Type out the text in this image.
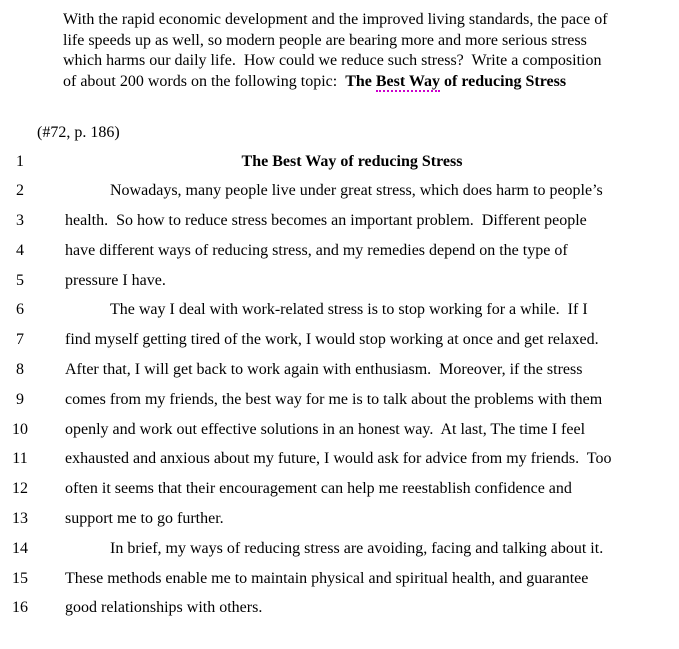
With the rapid economic development and the improved living standards, the pace of
life speeds up as well, so modern people are bearing more and more serious stress
which harms our daily life.  How could we reduce such stress?  Write a composition
of about 200 words on the following topic:  The Best Way of reducing Stress
(#72, p. 186)
1	The Best Way of reducing Stress
2	Nowadays, many people live under great stress, which does harm to people’s
3	health.  So how to reduce stress becomes an important problem.  Different people
4	have different ways of reducing stress, and my remedies depend on the type of
5	pressure I have.
6	The way I deal with work-related stress is to stop working for a while.  If I
7	find myself getting tired of the work, I would stop working at once and get relaxed.
8	After that, I will get back to work again with enthusiasm.  Moreover, if the stress
9	comes from my friends, the best way for me is to talk about the problems with them
10	openly and work out effective solutions in an honest way.  At last, The time I feel
11	exhausted and anxious about my future, I would ask for advice from my friends.  Too
12	often it seems that their encouragement can help me reestablish confidence and
13	support me to go further.
14	In brief, my ways of reducing stress are avoiding, facing and talking about it.
15	These methods enable me to maintain physical and spiritual health, and guarantee
16	good relationships with others.
